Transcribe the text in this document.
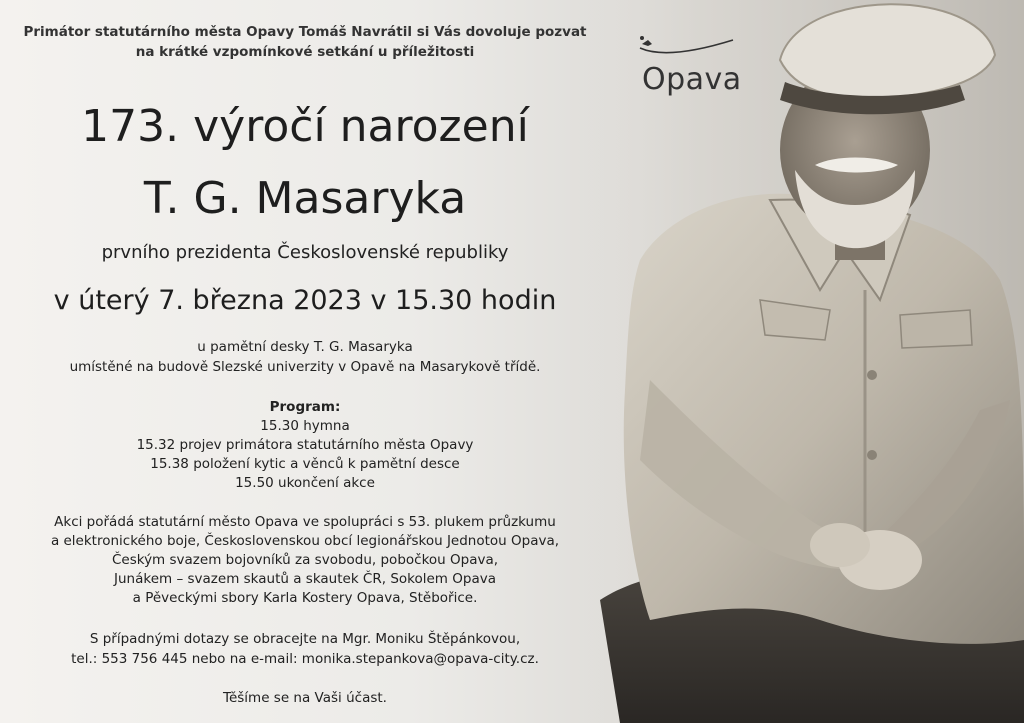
Opava
Primátor statutárního města Opavy Tomáš Navrátil si Vás dovoluje pozvat
na krátké vzpomínkové setkání u příležitosti
173. výročí narození
T. G. Masaryka
prvního prezidenta Československé republiky
v úterý 7. března 2023 v 15.30 hodin
u pamětní desky T. G. Masaryka
umístěné na budově Slezské univerzity v Opavě na Masarykově třídě.
Program:
15.30 hymna
15.32 projev primátora statutárního města Opavy
15.38 položení kytic a věnců k pamětní desce
15.50 ukončení akce
Akci pořádá statutární město Opava ve spolupráci s 53. plukem průzkumu
a elektronického boje, Československou obcí legionářskou Jednotou Opava,
Českým svazem bojovníků za svobodu, pobočkou Opava,
Junákem – svazem skautů a skautek ČR, Sokolem Opava
a Pěveckými sbory Karla Kostery Opava, Stěbořice.
S případnými dotazy se obracejte na Mgr. Moniku Štěpánkovou,
tel.: 553 756 445 nebo na e-mail: monika.stepankova@opava-city.cz.
Těšíme se na Vaši účast.
